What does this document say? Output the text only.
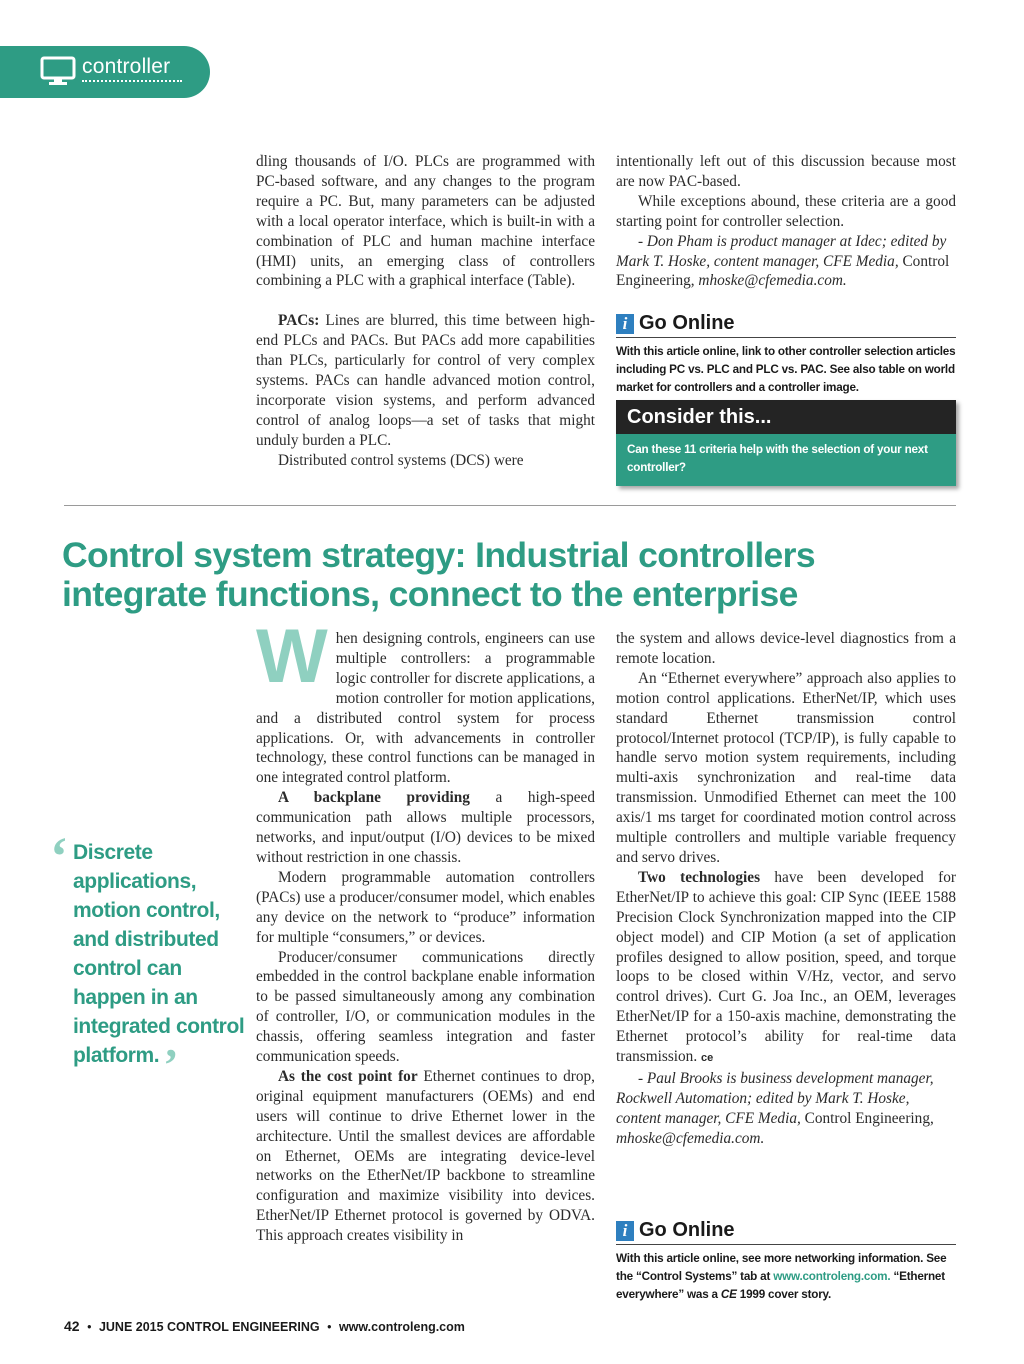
controller

dling thousands of I/O. PLCs are programmed with PC-based software, and any changes to the program require a PC. But, many parameters can be adjusted with a local operator interface, which is built-in with a combination of PLC and human machine interface (HMI) units, an emerging class of controllers combining a PLC with a graphical interface (Table).

PACs: Lines are blurred, this time between high-end PLCs and PACs. But PACs add more capabilities than PLCs, particularly for control of very complex systems. PACs can handle advanced motion control, incorporate vision systems, and perform advanced control of analog loops—a set of tasks that might unduly burden a PLC.

Distributed control systems (DCS) were

intentionally left out of this discussion because most are now PAC-based.

While exceptions abound, these criteria are a good starting point for controller selection.

- Don Pham is product manager at Idec; edited by Mark T. Hoske, content manager, CFE Media, Control Engineering, mhoske@cfemedia.com.

i Go Online
With this article online, link to other controller selection articles including PC vs. PLC and PLC vs. PAC. See also table on world market for controllers and a controller image.
Consider this...
Can these 11 criteria help with the selection of your next controller?
Control system strategy: Industrial controllers
integrate functions, connect to the enterprise

When designing controls, engineers can use multiple controllers: a programmable logic controller for discrete applications, a motion controller for motion applications, and a distributed control system for process applications. Or, with advancements in controller technology, these control functions can be managed in one integrated control platform.

A backplane providing a high-speed communication path allows multiple processors, networks, and input/output (I/O) devices to be mixed without restriction in one chassis.

Modern programmable automation controllers (PACs) use a producer/consumer model, which enables any device on the network to “produce” information for multiple “consumers,” or devices.

Producer/consumer communications directly embedded in the control backplane enable information to be passed simultaneously among any combination of controller, I/O, or communication modules in the chassis, offering seamless integration and faster communication speeds.

As the cost point for Ethernet continues to drop, original equipment manufacturers (OEMs) and end users will continue to drive Ethernet lower in the architecture. Until the smallest devices are affordable on Ethernet, OEMs are integrating device-level networks on the EtherNet/IP backbone to streamline configuration and maximize visibility into devices. EtherNet/IP Ethernet protocol is governed by ODVA. This approach creates visibility in

the system and allows device-level diagnostics from a remote location.

An “Ethernet everywhere” approach also applies to motion control applications. EtherNet/IP, which uses standard Ethernet transmission control protocol/Internet protocol (TCP/IP), is fully capable to handle servo motion system requirements, including multi-axis synchronization and real-time data transmission. Unmodified Ethernet can meet the 100 axis/1 ms target for coordinated motion control across multiple controllers and multiple variable frequency and servo drives.

Two technologies have been developed for EtherNet/IP to achieve this goal: CIP Sync (IEEE 1588 Precision Clock Synchronization mapped into the CIP object model) and CIP Motion (a set of application profiles designed to allow position, speed, and torque loops to be closed within V/Hz, vector, and servo control drives). Curt G. Joa Inc., an OEM, leverages EtherNet/IP for a 150-axis machine, demonstrating the Ethernet protocol’s ability for real-time data transmission. ce

- Paul Brooks is business development manager, Rockwell Automation; edited by Mark T. Hoske, content manager, CFE Media, Control Engineering, mhoske@cfemedia.com.

‘ Discrete applications, motion control, and distributed control can happen in an integrated control platform.’
i Go Online
With this article online, see more networking information. See the “Control Systems” tab at www.controleng.com. “Ethernet everywhere” was a CE 1999 cover story.
42 • JUNE 2015 CONTROL ENGINEERING • www.controleng.com
